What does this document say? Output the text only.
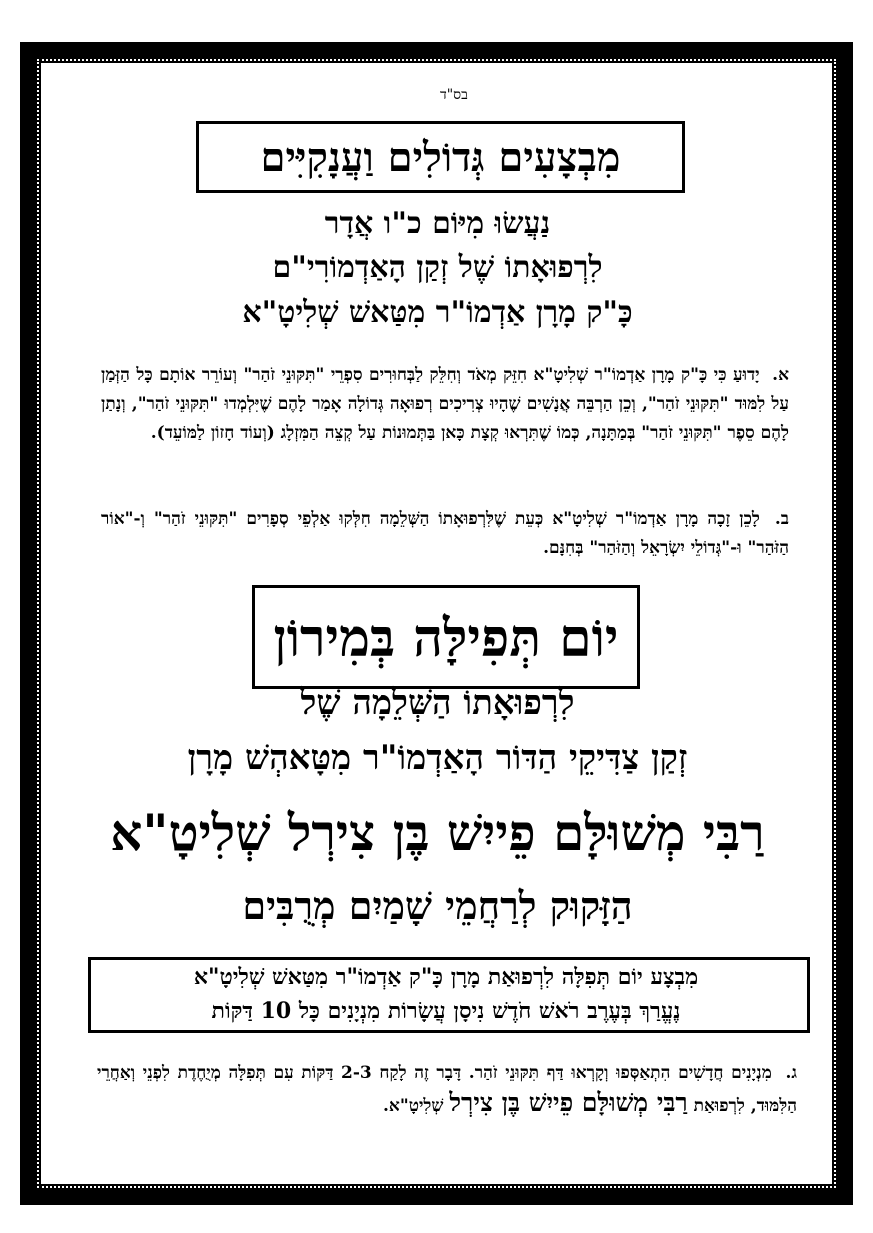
בס"ד
מִבְצָעִים גְּדוֹלִים וַעֲנָקִיִּים
נַעֲשׂוּ מִיּוֹם כ"ו אֲדָר
לִרְפוּאָתוֹ שֶׁל זְקַן הָאַדְמוֹרִי"ם
כָּ"ק מָרָן אַדְמוֹ"ר מִטַּאשׁ שְׁלִיטָ"א
א. יָדוּעַ כִּי כָּ"ק מָרָן אַדְמוֹ"ר שְׁלִיטָ"א חִזֵּק מְאֹד וְחִלֵּק לַבְּחוּרִים סִפְרֵי "תִּקּוּנֵי זֹהַר" וְעוֹרֵר אוֹתָם כָּל הַזְּמַן עַל לִמּוּד "תִּקּוּנֵי זֹהַר", וְכֵן הַרְבֵּה אֲנָשִׁים שֶׁהָיוּ צְרִיכִים רְפוּאָה גְּדוֹלָה אָמַר לָהֶם שֶׁיִּלְמְדוּ "תִּקּוּנֵי זֹהַר", וְנָתַן לָהֶם סֵפֶר "תִּקּוּנֵי זֹהַר" בְּמַתָּנָה, כְּמוֹ שֶׁתִּרְאוּ קְצָת כָּאן בַּתְּמוּנוֹת עַל קְצֵה הַמִּזְלָג (וְעוֹד חָזוֹן לַמּוֹעֵד).
ב. לָכֵן זָכָה מָרָן אַדְמוֹ"ר שְׁלִיטָ"א כְּעֵת שֶׁלִּרְפוּאָתוֹ הַשְּׁלֵמָה חִלְּקוּ אַלְפֵי סְפָרִים "תִּקּוּנֵי זֹהַר" וְ-"אוֹר הַזֹּהַר" וּ-"גְּדוֹלֵי יִשְׂרָאֵל וְהַזֹּהַר" בְּחִנָּם.
יוֹם תְּפִילָּה בְּמִירוֹן
לִרְפוּאָתוֹ הַשְּׁלֵמָה שֶׁל
זְקַן צַדִּיקֵי הַדּוֹר הָאַדְמוֹ"ר מִטָּאהְשׁ מָרָן
רַבִּי מְשׁוּלָּם פֵייִשׁ בֶּן צִירְל שְׁלִיטָ"א
הַזָּקוּק לְרַחֲמֵי שָׁמַיִם מְרֻבִּים
מִבְצָע יוֹם תְּפִלָּה לִרְפוּאַת מָרָן כָּ"ק אַדְמוֹ"ר מִטַּאשׁ שְׁלִיטָ"א
נֶעֱרַךְ בְּעֶרֶב רֹאשׁ חֹדֶשׁ נִיסָן עֲשָׂרוֹת מִנְיָנִים כָּל 10 דַּקּוֹת
ג. מִנְיָנִים חֲדָשִׁים הִתְאַסְּפוּ וְקָרְאוּ דַּף תִּקּוּנֵי זֹהַר. דָּבָר זֶה לָקַח 2-3 דַּקּוֹת עִם תְּפִלָּה מְיֻחֶדֶת לִפְנֵי וְאַחֲרֵי הַלִּמּוּד, לִרְפוּאַת רַבִּי מְשׁוּלָּם פֵייִשׁ בֶּן צִירְל שְׁלִיטָ"א.
